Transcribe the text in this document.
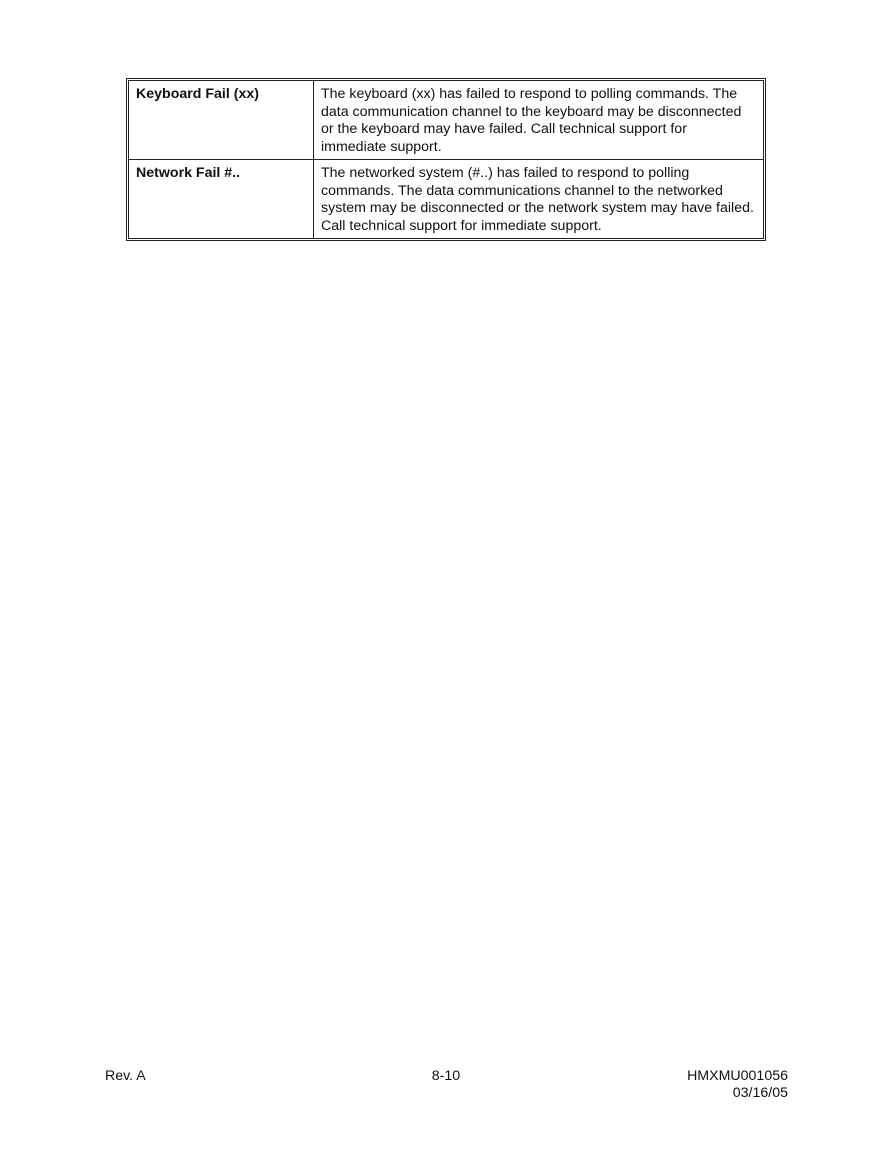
Keyboard Fail (xx)	The keyboard (xx) has failed to respond to polling commands. The data communication channel to the keyboard may be disconnected or the keyboard may have failed. Call technical support for immediate support.
Network Fail #..	The networked system (#..) has failed to respond to polling commands. The data communications channel to the networked system may be disconnected or the network system may have failed. Call technical support for immediate support.
Rev. A	8-10	HMXMU001056
03/16/05
